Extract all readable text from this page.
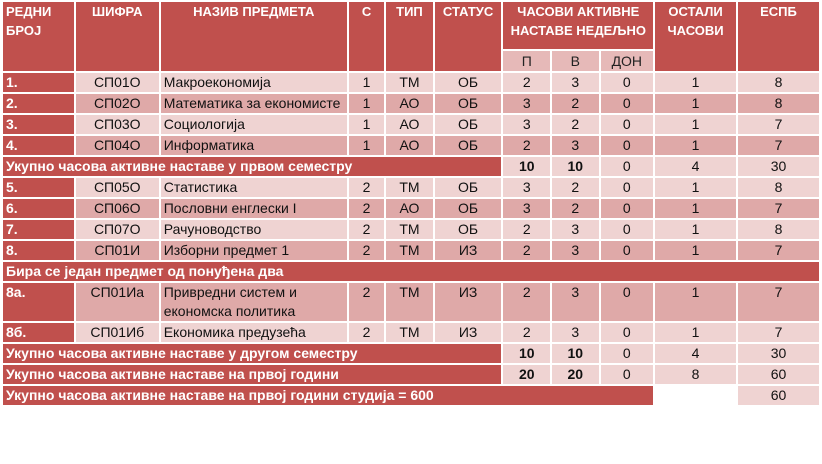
РЕДНИ БРОЈ	ШИФРА	НАЗИВ ПРЕДМЕТА	С	ТИП	СТАТУС	ЧАСОВИ АКТИВНЕ НАСТАВЕ НЕДЕЉНО			ОСТАЛИ ЧАСОВИ	ЕСПБ
						П	В	ДОН		
1.	СП01О	Макроекономија	1	ТМ	ОБ	2	3	0	1	8
2.	СП02О	Математика за економисте	1	АО	ОБ	3	2	0	1	8
3.	СП03О	Социологија	1	АО	ОБ	3	2	0	1	7
4.	СП04О	Информатика	1	АО	ОБ	2	3	0	1	7
Укупно часова активне наставе у првом семестру						10	10	0	4	30
5.	СП05О	Статистика	2	ТМ	ОБ	3	2	0	1	8
6.	СП06О	Пословни енглески I	2	АО	ОБ	3	2	0	1	7
7.	СП07О	Рачуноводство	2	ТМ	ОБ	2	3	0	1	8
8.	СП01И	Изборни предмет 1	2	ТМ	ИЗ	2	3	0	1	7
Бира се један предмет од понуђена два										
8а.	СП01Иа	Привредни систем и економска политика	2	ТМ	ИЗ	2	3	0	1	7
8б.	СП01Иб	Економика предузећа	2	ТМ	ИЗ	2	3	0	1	7
Укупно часова активне наставе у другом семестру						10	10	0	4	30
Укупно часова активне наставе на првој години						20	20	0	8	60
Укупно часова активне наставе на првој години студија = 600										60
